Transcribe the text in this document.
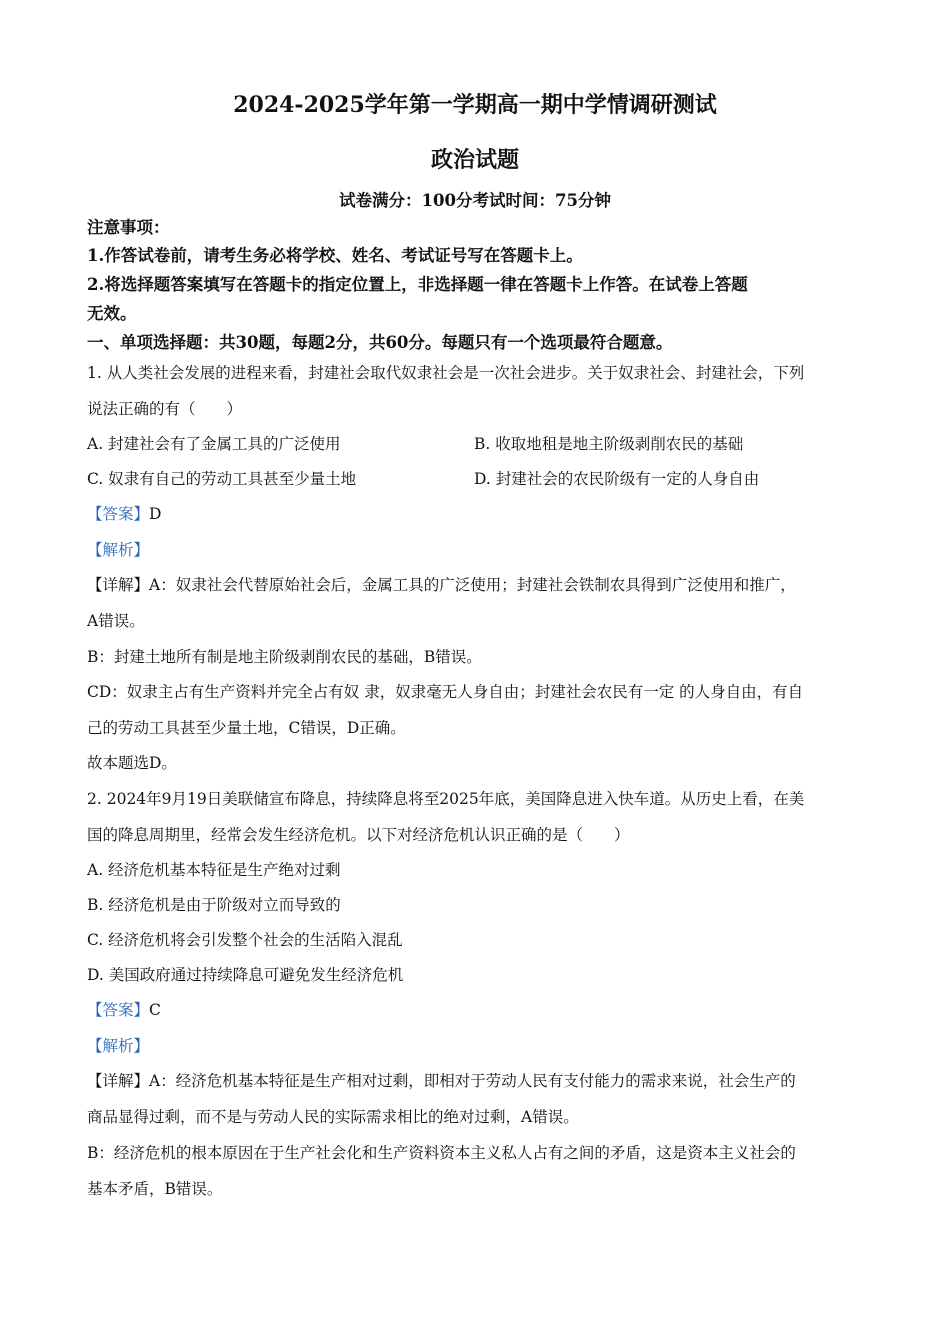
2024-2025学年第一学期高一期中学情调研测试
政治试题
试卷满分：100分考试时间：75分钟
注意事项：
1.作答试卷前，请考生务必将学校、姓名、考试证号写在答题卡上。
2.将选择题答案填写在答题卡的指定位置上，非选择题一律在答题卡上作答。在试卷上答题
无效。
一、单项选择题：共30题，每题2分，共60分。每题只有一个选项最符合题意。
1. 从人类社会发展的进程来看，封建社会取代奴隶社会是一次社会进步。关于奴隶社会、封建社会，下列
说法正确的有（　　）
A. 封建社会有了金属工具的广泛使用	B. 收取地租是地主阶级剥削农民的基础
C. 奴隶有自己的劳动工具甚至少量土地	D. 封建社会的农民阶级有一定的人身自由
【答案】D
【解析】
【详解】A：奴隶社会代替原始社会后，金属工具的广泛使用；封建社会铁制农具得到广泛使用和推广，
A错误。
B：封建土地所有制是地主阶级剥削农民的基础，B错误。
CD：奴隶主占有生产资料并完全占有奴 隶，奴隶毫无人身自由；封建社会农民有一定 的人身自由，有自
己的劳动工具甚至少量土地，C错误，D正确。
故本题选D。
2. 2024年9月19日美联储宣布降息，持续降息将至2025年底，美国降息进入快车道。从历史上看，在美
国的降息周期里，经常会发生经济危机。以下对经济危机认识正确的是（　　）
A. 经济危机基本特征是生产绝对过剩
B. 经济危机是由于阶级对立而导致的
C. 经济危机将会引发整个社会的生活陷入混乱
D. 美国政府通过持续降息可避免发生经济危机
【答案】C
【解析】
【详解】A：经济危机基本特征是生产相对过剩，即相对于劳动人民有支付能力的需求来说，社会生产的
商品显得过剩，而不是与劳动人民的实际需求相比的绝对过剩，A错误。
B：经济危机的根本原因在于生产社会化和生产资料资本主义私人占有之间的矛盾，这是资本主义社会的
基本矛盾，B错误。
